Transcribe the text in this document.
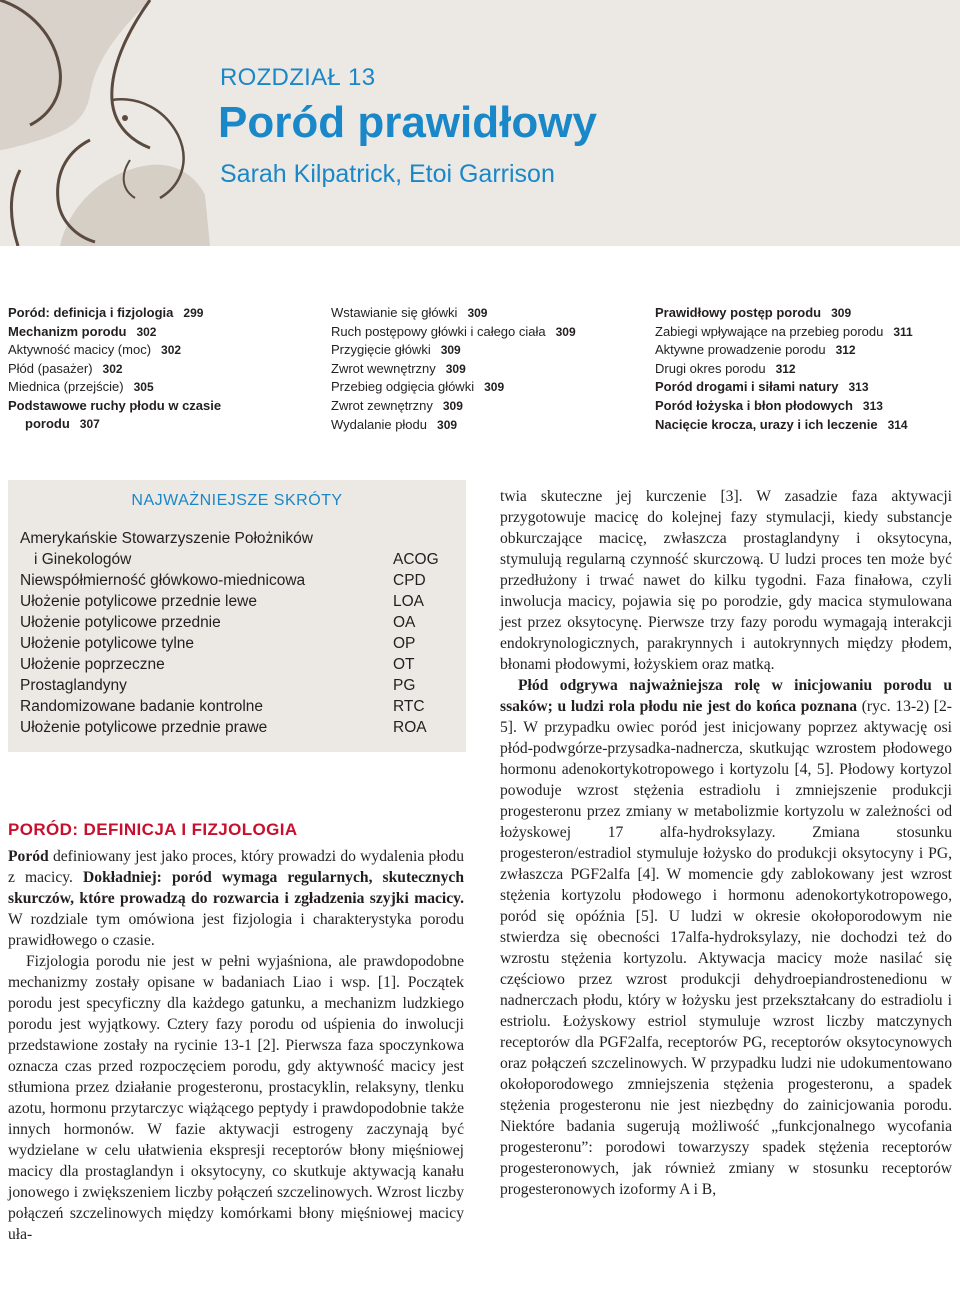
ROZDZIAŁ 13
Poród prawidłowy
Sarah Kilpatrick, Etoi Garrison
Poród: definicja i fizjologia 299
Mechanizm porodu 302
Aktywność macicy (moc) 302
Płód (pasażer) 302
Miednica (przejście) 305
Podstawowe ruchy płodu w czasie
porodu 307
Wstawianie się główki 309
Ruch postępowy główki i całego ciała 309
Przygięcie główki 309
Zwrot wewnętrzny 309
Przebieg odgięcia główki 309
Zwrot zewnętrzny 309
Wydalanie płodu 309
Prawidłowy postęp porodu 309
Zabiegi wpływające na przebieg porodu 311
Aktywne prowadzenie porodu 312
Drugi okres porodu 312
Poród drogami i siłami natury 313
Poród łożyska i błon płodowych 313
Nacięcie krocza, urazy i ich leczenie 314
NAJWAŻNIEJSZE SKRÓTY
Amerykańskie Stowarzyszenie Położników
i Ginekologów	ACOG
Niewspółmierność główkowo-miednicowa	CPD
Ułożenie potylicowe przednie lewe	LOA
Ułożenie potylicowe przednie	OA
Ułożenie potylicowe tylne	OP
Ułożenie poprzeczne	OT
Prostaglandyny	PG
Randomizowane badanie kontrolne	RTC
Ułożenie potylicowe przednie prawe	ROA
PORÓD: DEFINICJA I FIZJOLOGIA

Poród definiowany jest jako proces, który prowadzi do wydalenia płodu z macicy. Dokładniej: poród wymaga regularnych, skutecznych skurczów, które prowadzą do rozwarcia i zgładzenia szyjki macicy. W rozdziale tym omówiona jest fizjologia i charakterystyka porodu prawidłowego o czasie.

Fizjologia porodu nie jest w pełni wyjaśniona, ale prawdopodobne mechanizmy zostały opisane w badaniach Liao i wsp. [1]. Początek porodu jest specyficzny dla każdego gatunku, a mechanizm ludzkiego porodu jest wyjątkowy. Cztery fazy porodu od uśpienia do inwolucji przedstawione zostały na rycinie 13-1 [2]. Pierwsza faza spoczynkowa oznacza czas przed rozpoczęciem porodu, gdy aktywność macicy jest stłumiona przez działanie progesteronu, prostacyklin, relaksyny, tlenku azotu, hormonu przytarczyc wiążącego peptydy i prawdopodobnie także innych hormonów. W fazie aktywacji estrogeny zaczynają być wydzielane w celu ułatwienia ekspresji receptorów błony mięśniowej macicy dla prostaglandyn i oksytocyny, co skutkuje aktywacją kanału jonowego i zwiększeniem liczby połączeń szczelinowych. Wzrost liczby połączeń szczelinowych między komórkami błony mięśniowej macicy uła-

twia skuteczne jej kurczenie [3]. W zasadzie faza aktywacji przygotowuje macicę do kolejnej fazy stymulacji, kiedy substancje obkurczające macicę, zwłaszcza prostaglandyny i oksytocyna, stymulują regularną czynność skurczową. U ludzi proces ten może być przedłużony i trwać nawet do kilku tygodni. Faza finałowa, czyli inwolucja macicy, pojawia się po porodzie, gdy macica stymulowana jest przez oksytocynę. Pierwsze trzy fazy porodu wymagają interakcji endokrynologicznych, parakrynnych i autokrynnych między płodem, błonami płodowymi, łożyskiem oraz matką.

Płód odgrywa najważniejsza rolę w inicjowaniu porodu u ssaków; u ludzi rola płodu nie jest do końca poznana (ryc. 13-2) [2-5]. W przypadku owiec poród jest inicjowany poprzez aktywację osi płód-podwgórze-przysadka-nadnercza, skutkując wzrostem płodowego hormonu adenokortykotropowego i kortyzolu [4, 5]. Płodowy kortyzol powoduje wzrost stężenia estradiolu i zmniejszenie produkcji progesteronu przez zmiany w metabolizmie kortyzolu w zależności od łożyskowej 17 alfa-hydroksylazy. Zmiana stosunku progesteron/estradiol stymuluje łożysko do produkcji oksytocyny i PG, zwłaszcza PGF2alfa [4]. W momencie gdy zablokowany jest wzrost stężenia kortyzolu płodowego i hormonu adenokortykotropowego, poród się opóźnia [5]. U ludzi w okresie okołoporodowym nie stwierdza się obecności 17alfa-hydroksylazy, nie dochodzi też do wzrostu stężenia kortyzolu. Aktywacja macicy może nasilać się częściowo przez wzrost produkcji dehydroepiandrostenedionu w nadnerczach płodu, który w łożysku jest przekształcany do estradiolu i estriolu. Łożyskowy estriol stymuluje wzrost liczby matczynych receptorów dla PGF2alfa, receptorów PG, receptorów oksytocynowych oraz połączeń szczelinowych. W przypadku ludzi nie udokumentowano okołoporodowego zmniejszenia stężenia progesteronu, a spadek stężenia progesteronu nie jest niezbędny do zainicjowania porodu. Niektóre badania sugerują możliwość „funkcjonalnego wycofania progesteronu”: porodowi towarzyszy spadek stężenia receptorów progesteronowych, jak również zmiany w stosunku receptorów progesteronowych izoformy A i B,
